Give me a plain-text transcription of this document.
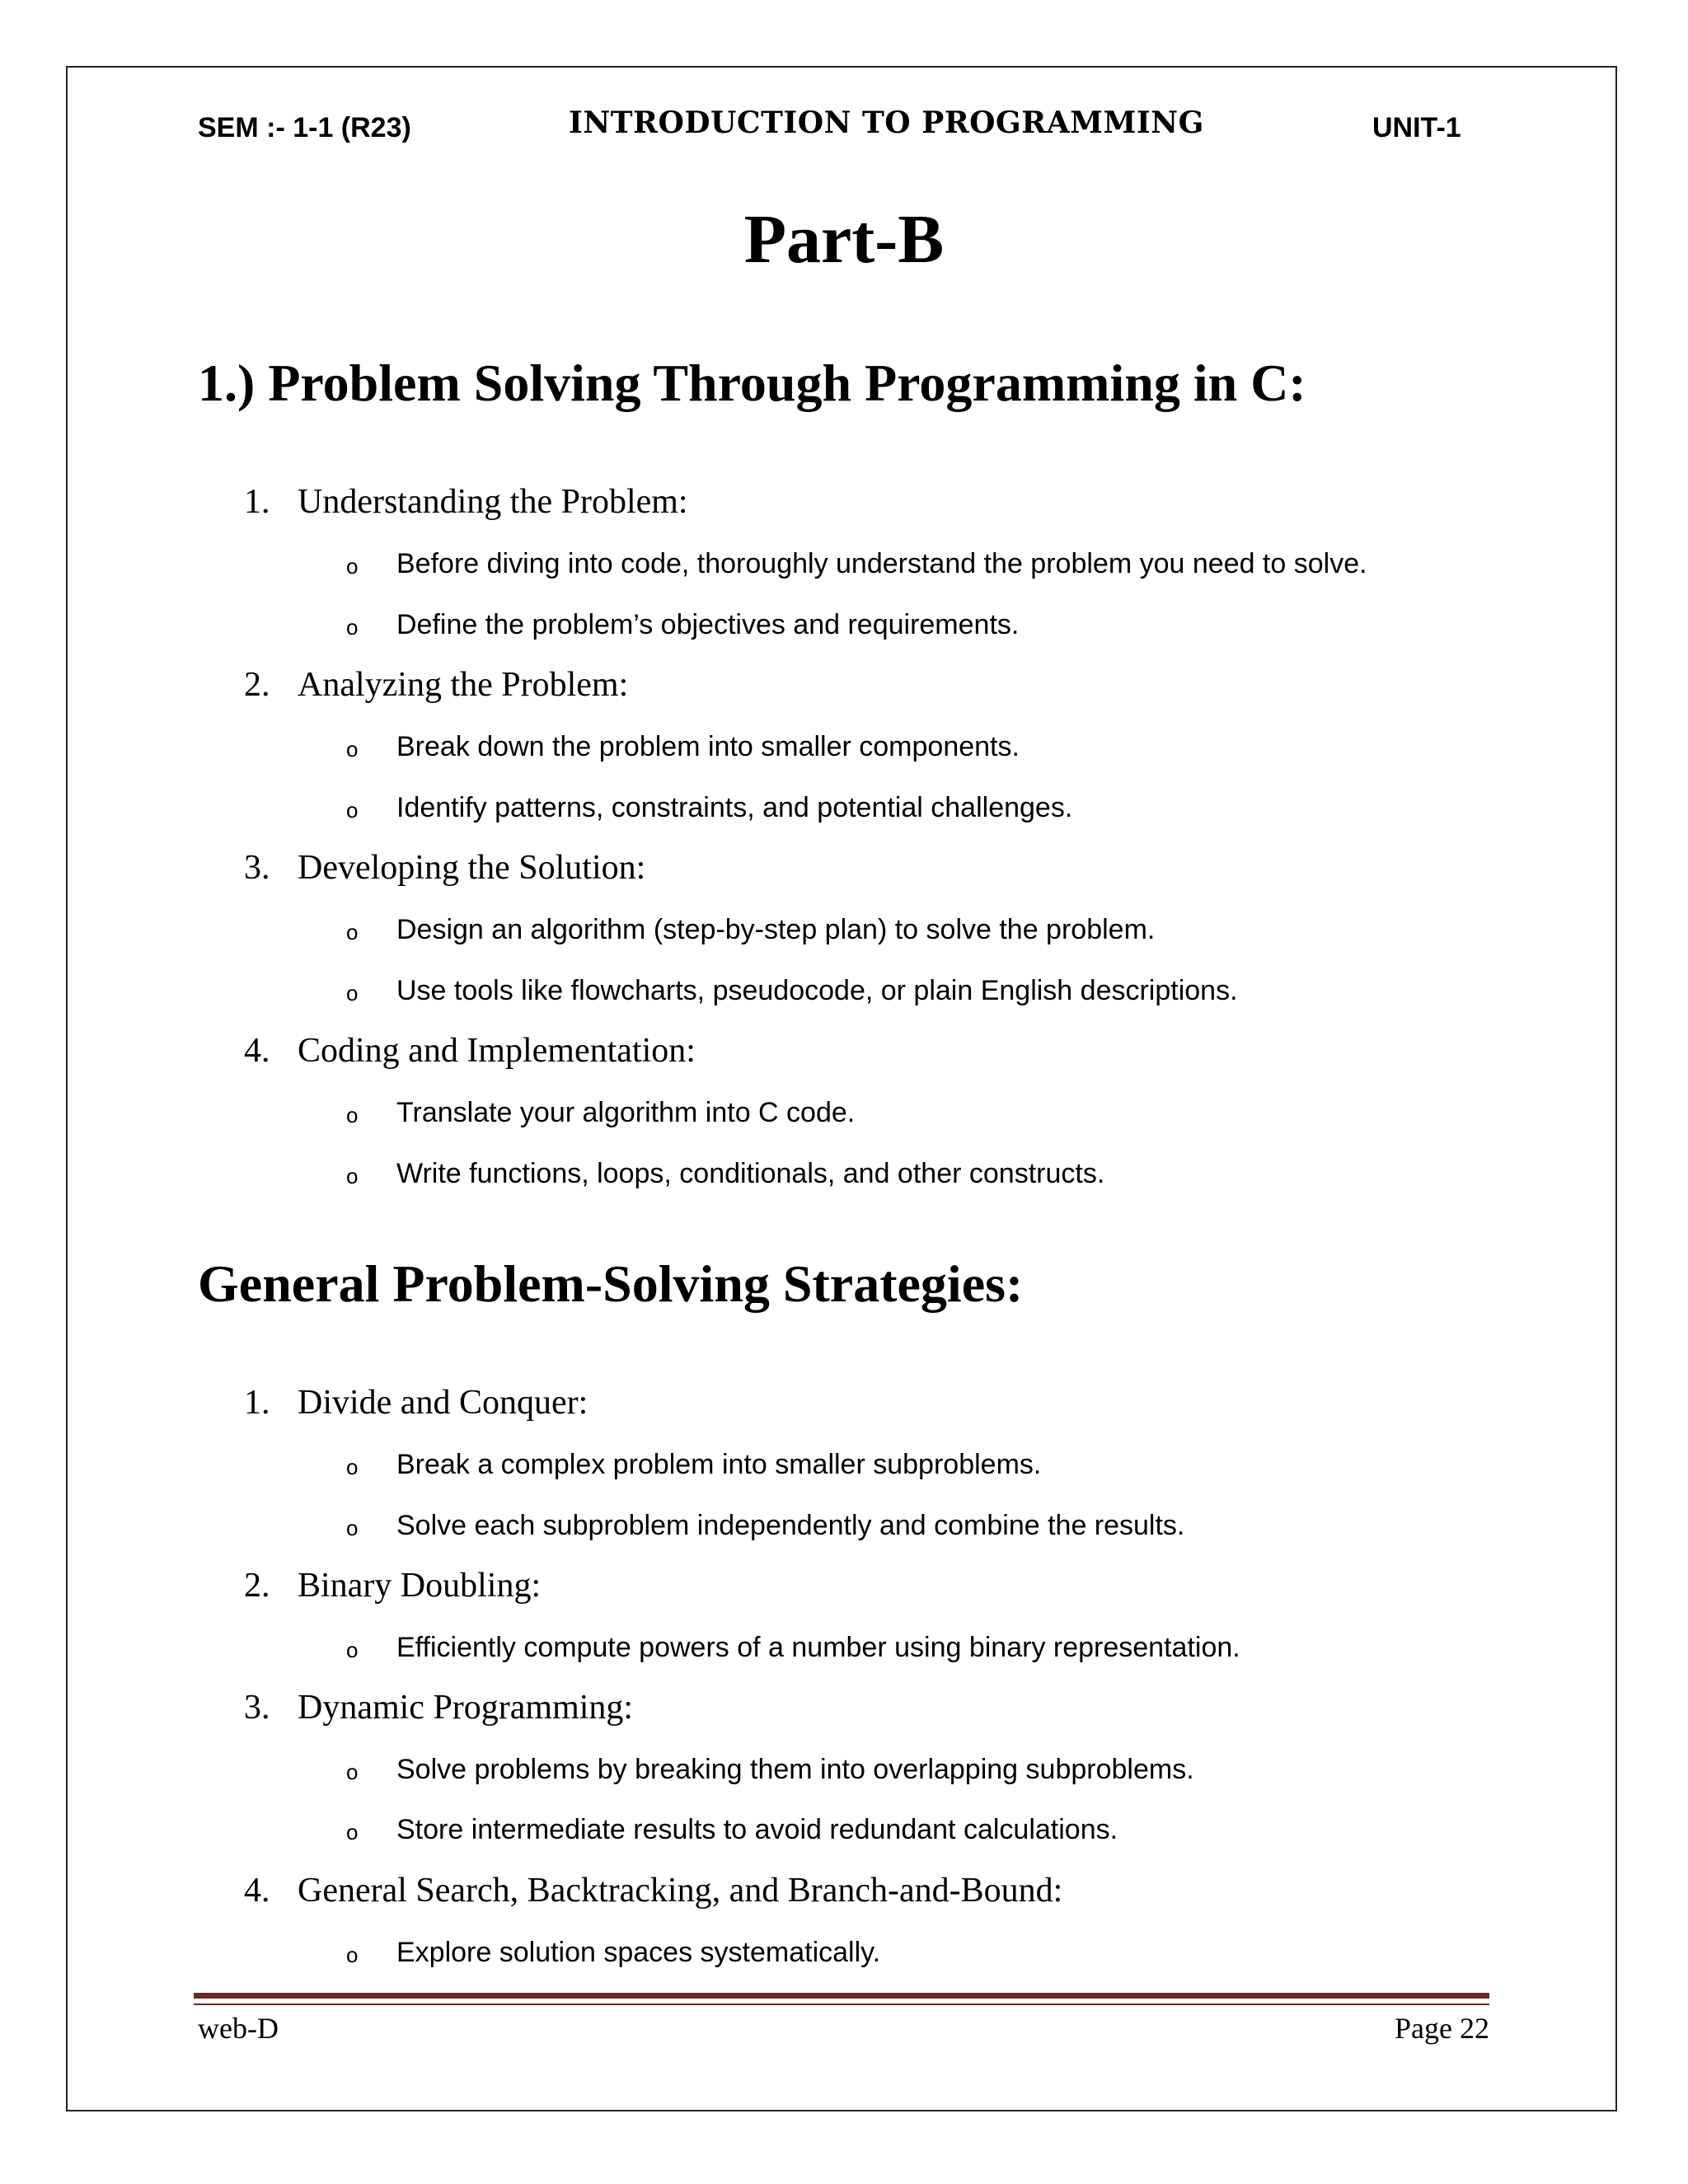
SEM :- 1-1 (R23)	INTRODUCTION TO PROGRAMMING	UNIT-1
Part-B
1.) Problem Solving Through Programming in C:
1. Understanding the Problem:
o Before diving into code, thoroughly understand the problem you need to solve.
o Define the problem’s objectives and requirements.
2. Analyzing the Problem:
o Break down the problem into smaller components.
o Identify patterns, constraints, and potential challenges.
3. Developing the Solution:
o Design an algorithm (step-by-step plan) to solve the problem.
o Use tools like flowcharts, pseudocode, or plain English descriptions.
4. Coding and Implementation:
o Translate your algorithm into C code.
o Write functions, loops, conditionals, and other constructs.
General Problem-Solving Strategies:
1. Divide and Conquer:
o Break a complex problem into smaller subproblems.
o Solve each subproblem independently and combine the results.
2. Binary Doubling:
o Efficiently compute powers of a number using binary representation.
3. Dynamic Programming:
o Solve problems by breaking them into overlapping subproblems.
o Store intermediate results to avoid redundant calculations.
4. General Search, Backtracking, and Branch-and-Bound:
o Explore solution spaces systematically.
web-D	Page 22
